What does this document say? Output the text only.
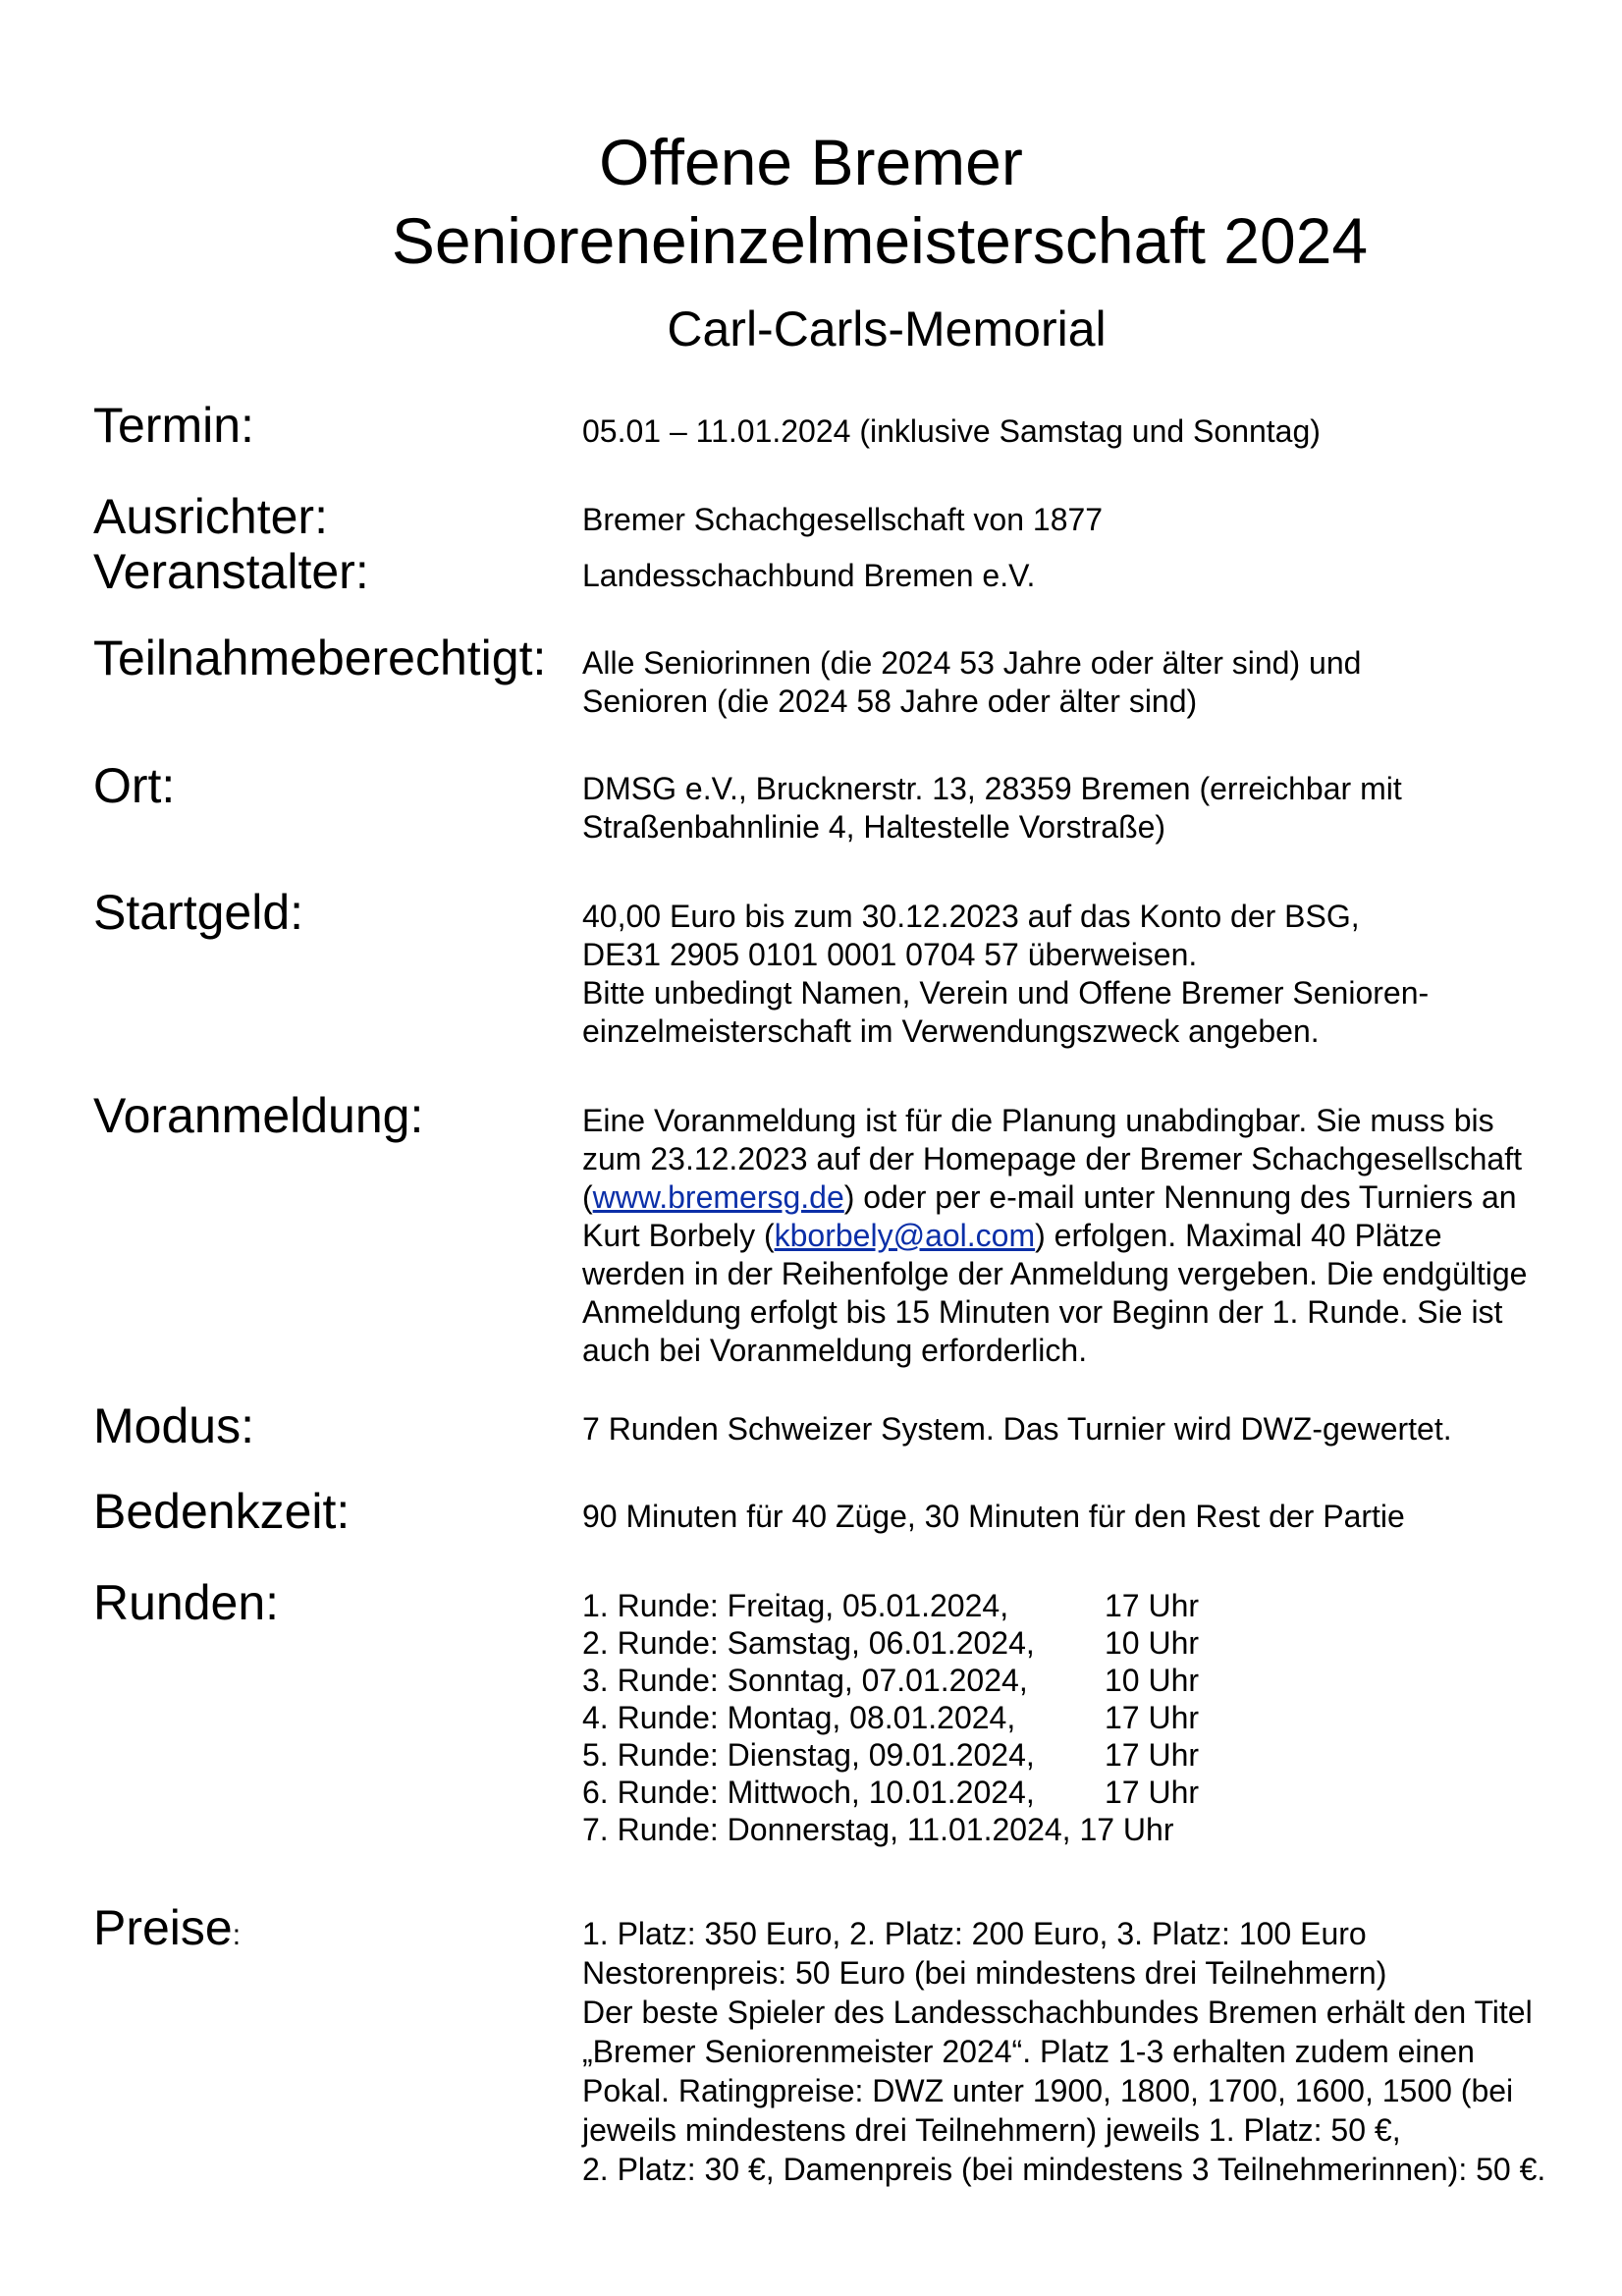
Offene Bremer
Senioreneinzelmeisterschaft 2024
Carl-Carls-Memorial
Termin:	05.01 – 11.01.2024 (inklusive Samstag und Sonntag)
Ausrichter:	Bremer Schachgesellschaft von 1877
Veranstalter:	Landesschachbund Bremen e.V.
Teilnahmeberechtigt: Alle Seniorinnen (die 2024 53 Jahre oder älter sind) und

Senioren (die 2024 58 Jahre oder älter sind)

Ort:	DMSG e.V., Brucknerstr. 13, 28359 Bremen (erreichbar mit

Straßenbahnlinie 4, Haltestelle Vorstraße)

Startgeld:	40,00 Euro bis zum 30.12.2023 auf das Konto der BSG,

DE31 2905 0101 0001 0704 57 überweisen.

Bitte unbedingt Namen, Verein und Offene Bremer Senioren-

einzelmeisterschaft im Verwendungszweck angeben.

Voranmeldung:	Eine Voranmeldung ist für die Planung unabdingbar. Sie muss bis

zum 23.12.2023 auf der Homepage der Bremer Schachgesellschaft

(www.bremersg.de) oder per e-mail unter Nennung des Turniers an

Kurt Borbely (kborbely@aol.com) erfolgen. Maximal 40 Plätze

werden in der Reihenfolge der Anmeldung vergeben. Die endgültige

Anmeldung erfolgt bis 15 Minuten vor Beginn der 1. Runde. Sie ist

auch bei Voranmeldung erforderlich.

Modus:	7 Runden Schweizer System. Das Turnier wird DWZ-gewertet.
Bedenkzeit:	90 Minuten für 40 Züge, 30 Minuten für den Rest der Partie
Runden:	1. Runde: Freitag, 05.01.2024,	17 Uhr
2. Runde: Samstag, 06.01.2024,	10 Uhr
3. Runde: Sonntag, 07.01.2024,	10 Uhr
4. Runde: Montag, 08.01.2024,	17 Uhr
5. Runde: Dienstag, 09.01.2024,	17 Uhr
6. Runde: Mittwoch, 10.01.2024,	17 Uhr
7. Runde: Donnerstag, 11.01.2024, 17 Uhr
Preise:	1. Platz: 350 Euro, 2. Platz: 200 Euro, 3. Platz: 100 Euro

Nestorenpreis: 50 Euro (bei mindestens drei Teilnehmern)

Der beste Spieler des Landesschachbundes Bremen erhält den Titel

„Bremer Seniorenmeister 2024“. Platz 1-3 erhalten zudem einen

Pokal. Ratingpreise: DWZ unter 1900, 1800, 1700, 1600, 1500 (bei

jeweils mindestens drei Teilnehmern) jeweils 1. Platz: 50 €,

2. Platz: 30 €, Damenpreis (bei mindestens 3 Teilnehmerinnen): 50 €.
